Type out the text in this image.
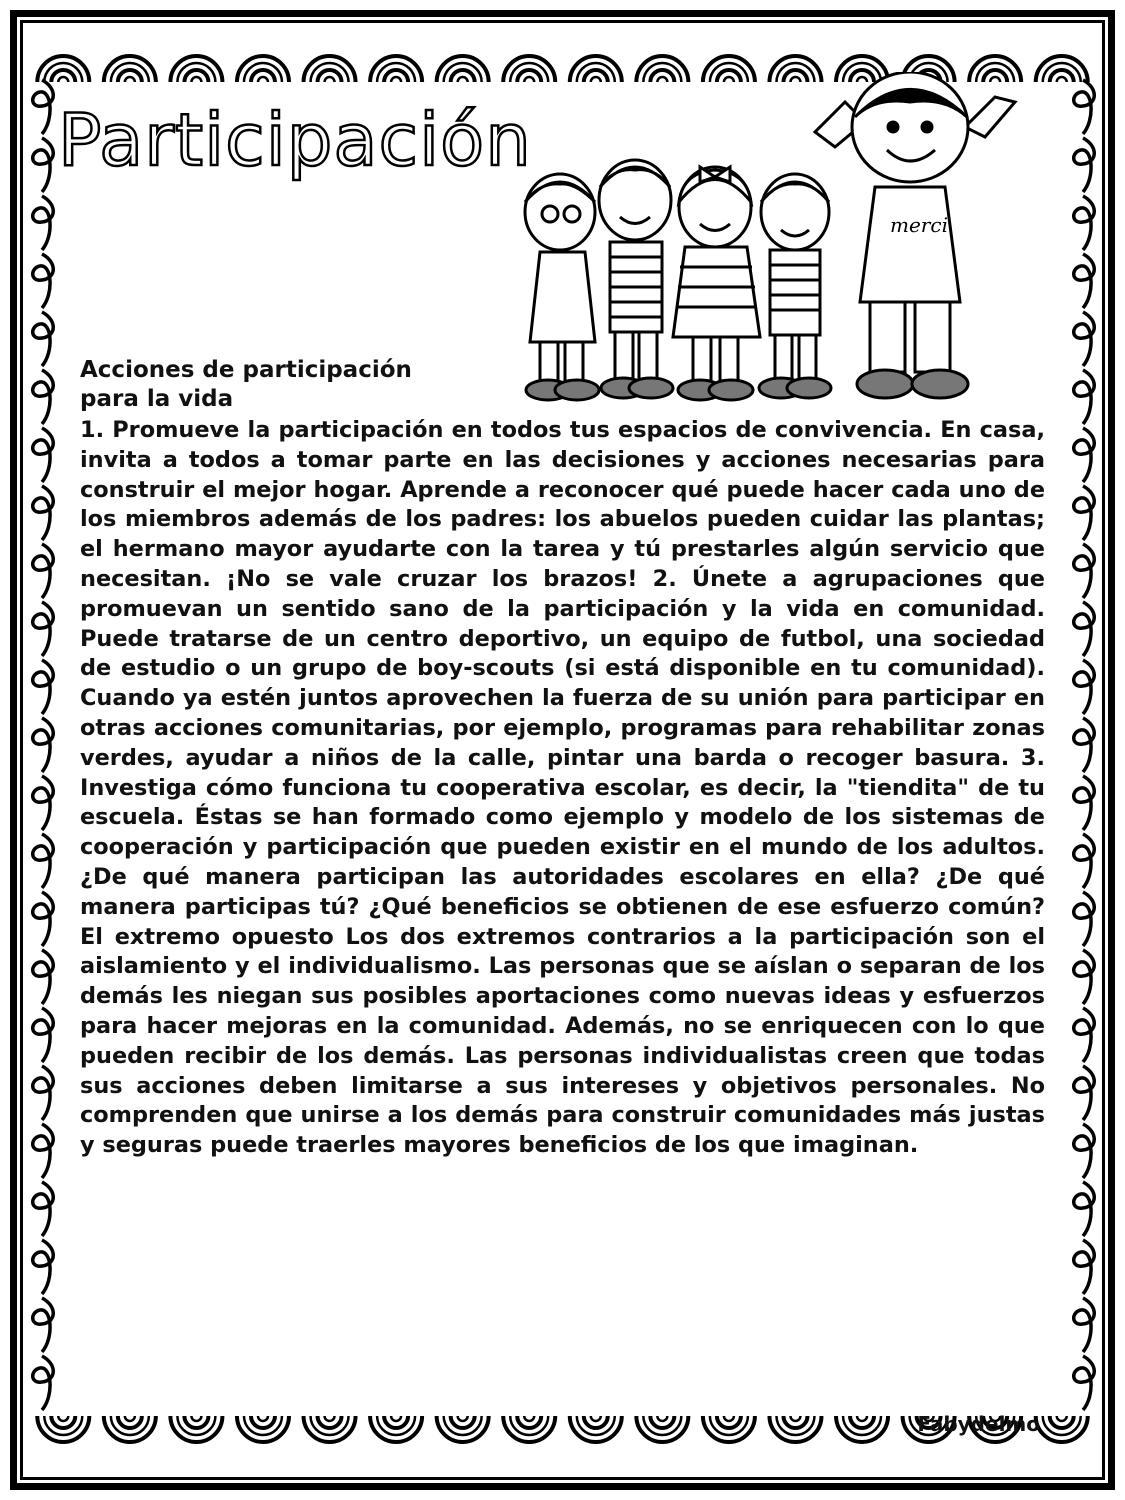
Participación
merci
Acciones de participación
para la vida

1. Promueve la participación en todos tus espacios de convivencia. En casa, invita a todos a tomar parte en las decisiones y acciones necesarias para construir el mejor hogar. Aprende a reconocer qué puede hacer cada uno de los miembros además de los padres: los abuelos pueden cuidar las plantas; el hermano mayor ayudarte con la tarea y tú prestarles algún servicio que necesitan. ¡No se vale cruzar los brazos! 2. Únete a agrupaciones que promuevan un sentido sano de la participación y la vida en comunidad. Puede tratarse de un centro deportivo, un equipo de futbol, una sociedad de estudio o un grupo de boy-scouts (si está disponible en tu comunidad). Cuando ya estén juntos aprovechen la fuerza de su unión para participar en otras acciones comunitarias, por ejemplo, programas para rehabilitar zonas verdes, ayudar a niños de la calle, pintar una barda o recoger basura. 3. Investiga cómo funciona tu cooperativa escolar, es decir, la "tiendita" de tu escuela. Éstas se han formado como ejemplo y modelo de los sistemas de cooperación y participación que pueden existir en el mundo de los adultos. ¿De qué manera participan las autoridades escolares en ella? ¿De qué manera participas tú? ¿Qué beneficios se obtienen de ese esfuerzo común? El extremo opuesto Los dos extremos contrarios a la participación son el aislamiento y el individualismo. Las personas que se aíslan o separan de los demás les niegan sus posibles aportaciones como nuevas ideas y esfuerzos para hacer mejoras en la comunidad. Además, no se enriquecen con lo que pueden recibir de los demás. Las personas individualistas creen que todas sus acciones deben limitarse a sus intereses y objetivos personales. No comprenden que unirse a los demás para construir comunidades más justas y seguras puede traerles mayores beneficios de los que imaginan.

Fabydelmo
